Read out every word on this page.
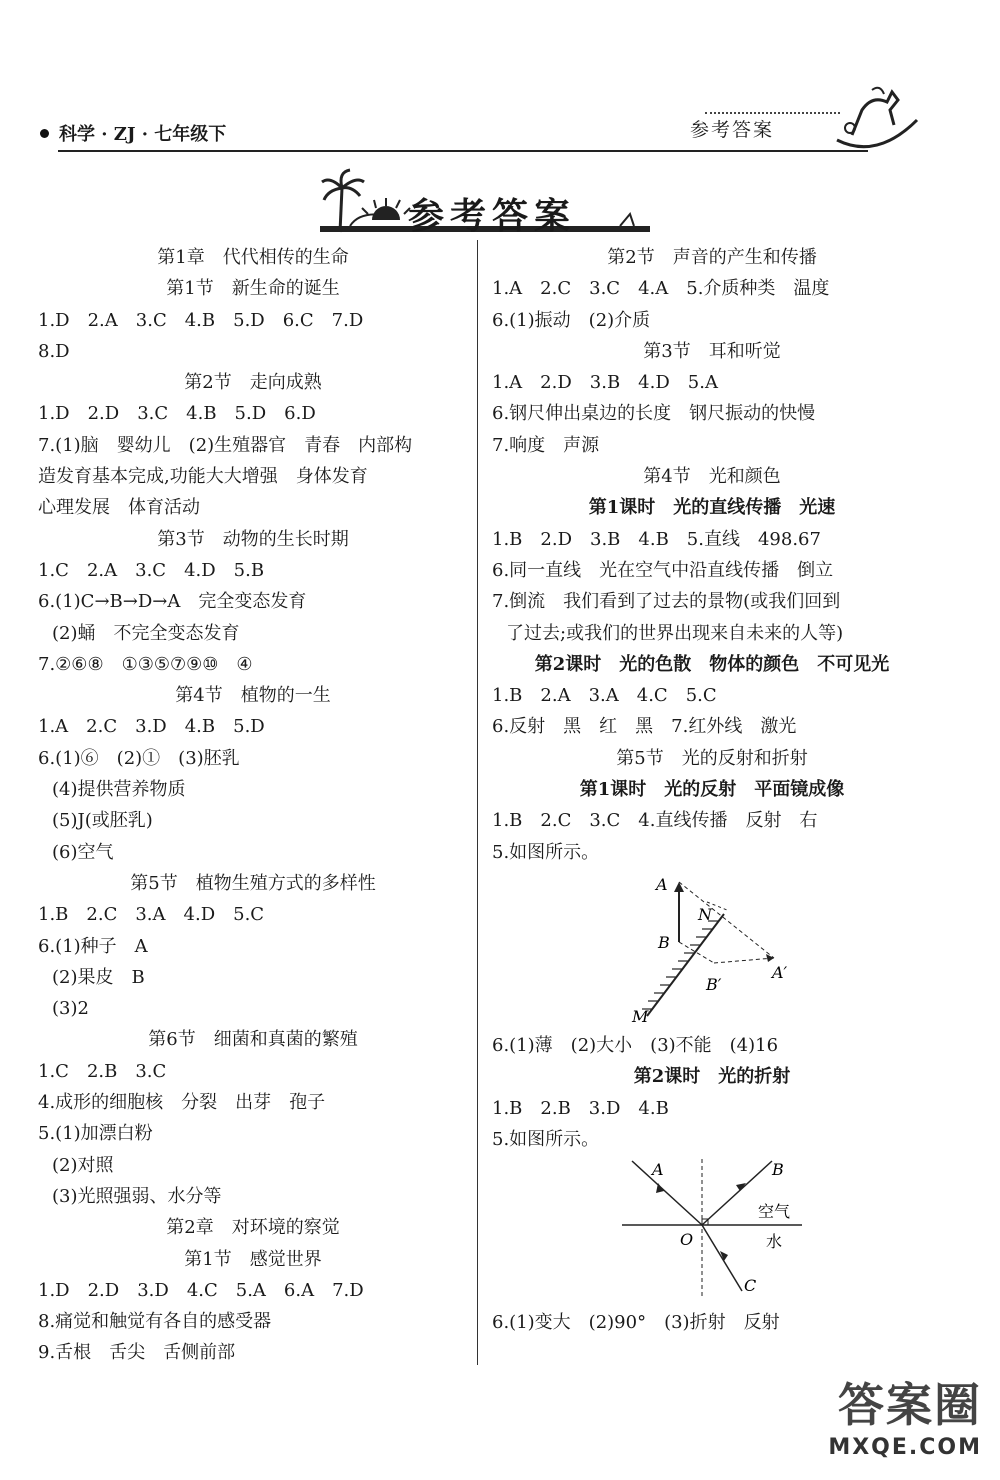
科学 · ZJ · 七年级下	参考答案
参考答案
第1章　代代相传的生命
第1节　新生命的诞生
1.D　2.A　3.C　4.B　5.D　6.C　7.D
8.D
第2节　走向成熟
1.D　2.D　3.C　4.B　5.D　6.D
7.(1)脑　婴幼儿　(2)生殖器官　青春　内部构
造发育基本完成,功能大大增强　身体发育
心理发展　体育活动
第3节　动物的生长时期
1.C　2.A　3.C　4.D　5.B
6.(1)C→B→D→A　完全变态发育
(2)蛹　不完全变态发育
7.②⑥⑧　①③⑤⑦⑨⑩　④
第4节　植物的一生
1.A　2.C　3.D　4.B　5.D
6.(1)⑥　(2)①　(3)胚乳
(4)提供营养物质
(5)J(或胚乳)
(6)空气
第5节　植物生殖方式的多样性
1.B　2.C　3.A　4.D　5.C
6.(1)种子　A
(2)果皮　B
(3)2
第6节　细菌和真菌的繁殖
1.C　2.B　3.C
4.成形的细胞核　分裂　出芽　孢子
5.(1)加漂白粉
(2)对照
(3)光照强弱、水分等
第2章　对环境的察觉
第1节　感觉世界
1.D　2.D　3.D　4.C　5.A　6.A　7.D
8.痛觉和触觉有各自的感受器
9.舌根　舌尖　舌侧前部
第2节　声音的产生和传播
1.A　2.C　3.C　4.A　5.介质种类　温度
6.(1)振动　(2)介质
第3节　耳和听觉
1.A　2.D　3.B　4.D　5.A
6.钢尺伸出桌边的长度　钢尺振动的快慢
7.响度　声源
第4节　光和颜色
第1课时　光的直线传播　光速
1.B　2.D　3.B　4.B　5.直线　498.67
6.同一直线　光在空气中沿直线传播　倒立
7.倒流　我们看到了过去的景物(或我们回到
了过去;或我们的世界出现来自未来的人等)
第2课时　光的色散　物体的颜色　不可见光
1.B　2.A　3.A　4.C　5.C
6.反射　黑　红　黑　7.红外线　激光
第5节　光的反射和折射
第1课时　光的反射　平面镜成像
1.B　2.C　3.C　4.直线传播　反射　右
5.如图所示。
A
N
B
A′
B′
M
6.(1)薄　(2)大小　(3)不能　(4)16
第2课时　光的折射
1.B　2.B　3.D　4.B
5.如图所示。
A	B
C
O
空气
水
6.(1)变大　(2)90°　(3)折射　反射
答案圈
MXQE.COM
